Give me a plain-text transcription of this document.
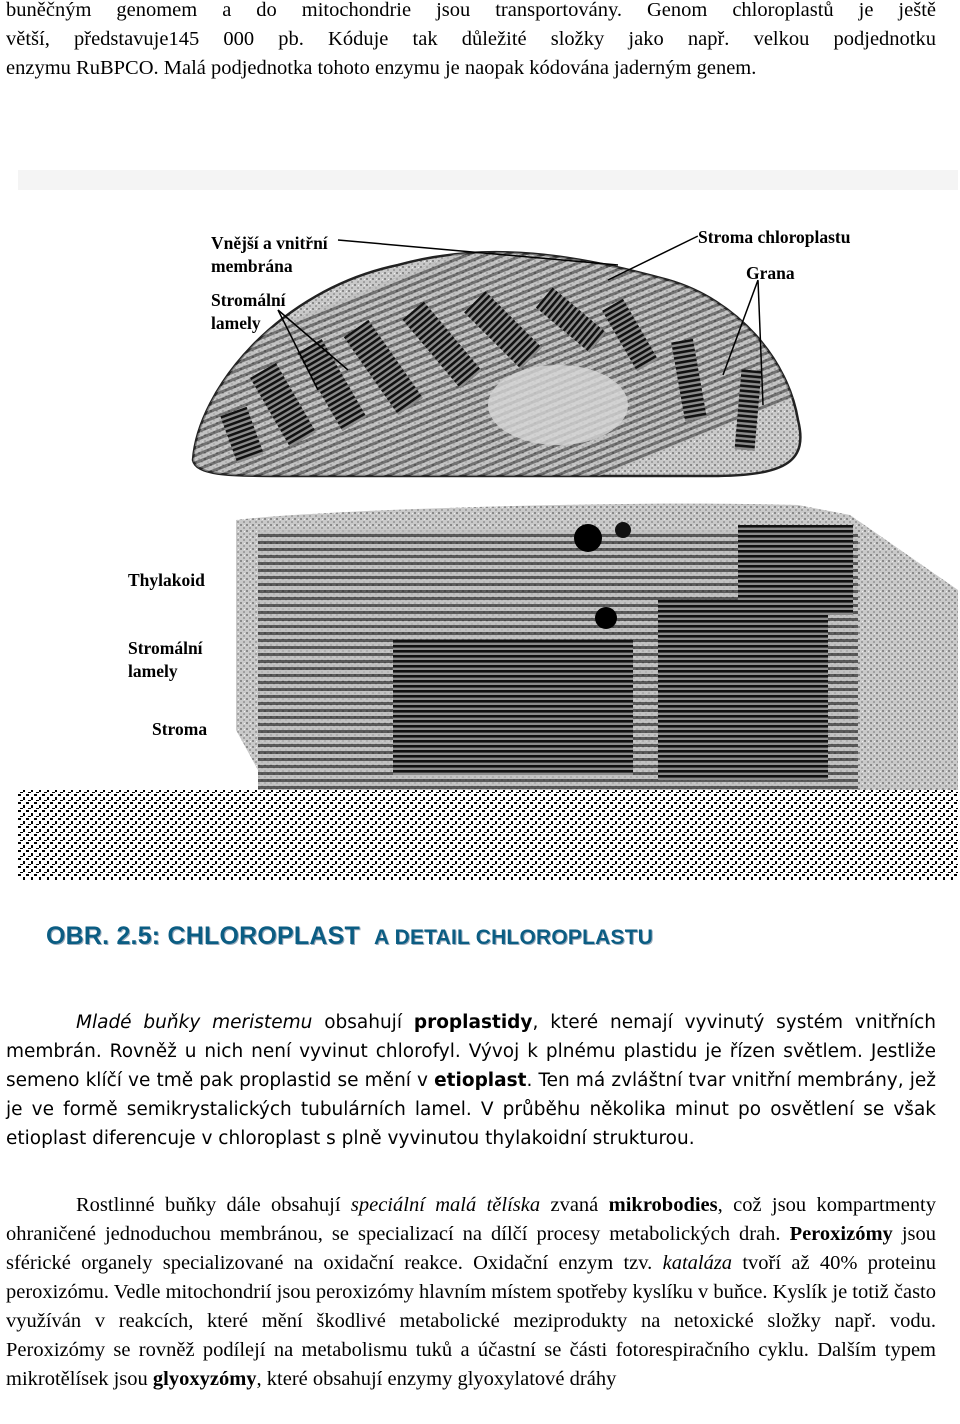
buněčným genomem a do mitochondrie jsou transportovány. Genom chloroplastů je ještě

větší, představuje145 000 pb. Kóduje tak důležité složky jako např. velkou podjednotku

enzymu RuBPCO. Malá podjednotka tohoto enzymu je naopak kódována jaderným genem.

Vnější a vnitřní
membrána
Stromální
lamely
Stroma chloroplastu
Grana
Thylakoid
Stromální
lamely
Stroma
OBR. 2.5: CHLOROPLAST A DETAIL CHLOROPLASTU

Mladé buňky meristemu obsahují proplastidy, které nemají vyvinutý systém vnitřních membrán. Rovněž u nich není vyvinut chlorofyl. Vývoj k plnému plastidu je řízen světlem. Jestliže semeno klíčí ve tmě pak proplastid se mění v etioplast. Ten má zvláštní tvar vnitřní membrány, jež je ve formě semikrystalických tubulárních lamel. V průběhu několika minut po osvětlení se však etioplast diferencuje v chloroplast s plně vyvinutou thylakoidní strukturou.

Rostlinné buňky dále obsahují speciální malá tělíska zvaná mikrobodies, což jsou kompartmenty ohraničené jednoduchou membránou, se specializací na dílčí procesy metabolických drah. Peroxizómy jsou sférické organely specializované na oxidační reakce. Oxidační enzym tzv. kataláza tvoří až 40% proteinu peroxizómu. Vedle mitochondrií jsou peroxizómy hlavním místem spotřeby kyslíku v buňce. Kyslík je totiž často využíván v reakcích, které mění škodlivé metabolické meziprodukty na netoxické složky např. vodu. Peroxizómy se rovněž podílejí na metabolismu tuků a účastní se části fotorespiračního cyklu. Dalším typem mikrotělísek jsou glyoxyzómy, které obsahují enzymy glyoxylatové dráhy
